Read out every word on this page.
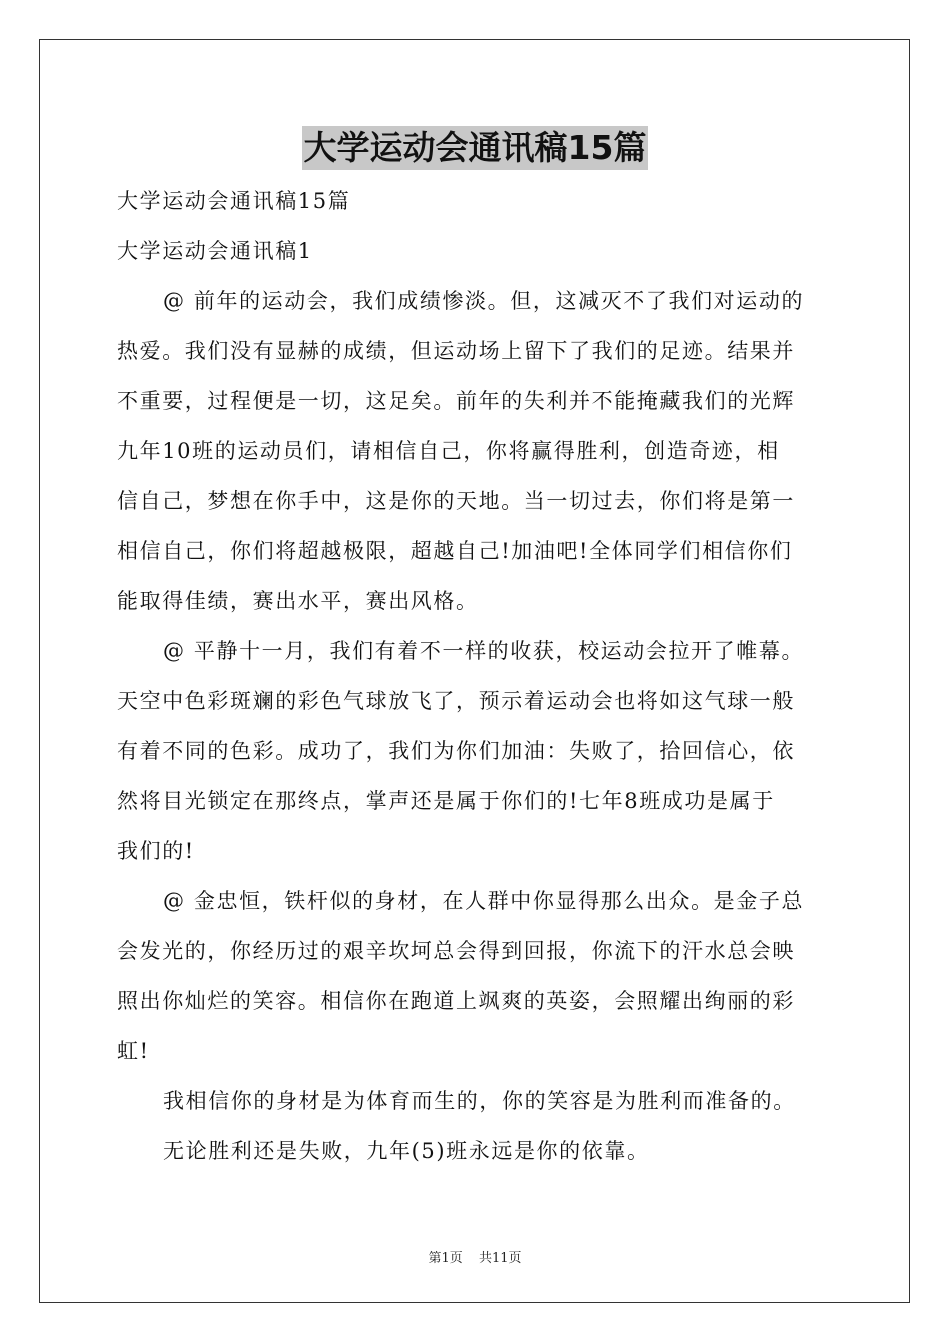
大学运动会通讯稿15篇
大学运动会通讯稿15篇
大学运动会通讯稿1
@ 前年的运动会，我们成绩惨淡。但，这减灭不了我们对运动的
热爱。我们没有显赫的成绩，但运动场上留下了我们的足迹。结果并
不重要，过程便是一切，这足矣。前年的失利并不能掩藏我们的光辉
九年10班的运动员们，请相信自己，你将赢得胜利，创造奇迹，相
信自己，梦想在你手中，这是你的天地。当一切过去，你们将是第一
相信自己，你们将超越极限，超越自己!加油吧!全体同学们相信你们
能取得佳绩，赛出水平，赛出风格。
@ 平静十一月，我们有着不一样的收获，校运动会拉开了帷幕。
天空中色彩斑斓的彩色气球放飞了，预示着运动会也将如这气球一般
有着不同的色彩。成功了，我们为你们加油：失败了，拾回信心，依
然将目光锁定在那终点，掌声还是属于你们的!七年8班成功是属于
我们的!
@ 金忠恒，铁杆似的身材，在人群中你显得那么出众。是金子总
会发光的，你经历过的艰辛坎坷总会得到回报，你流下的汗水总会映
照出你灿烂的笑容。相信你在跑道上飒爽的英姿，会照耀出绚丽的彩
虹!
我相信你的身材是为体育而生的，你的笑容是为胜利而准备的。
无论胜利还是失败，九年(5)班永远是你的依靠。
第1页 共11页
